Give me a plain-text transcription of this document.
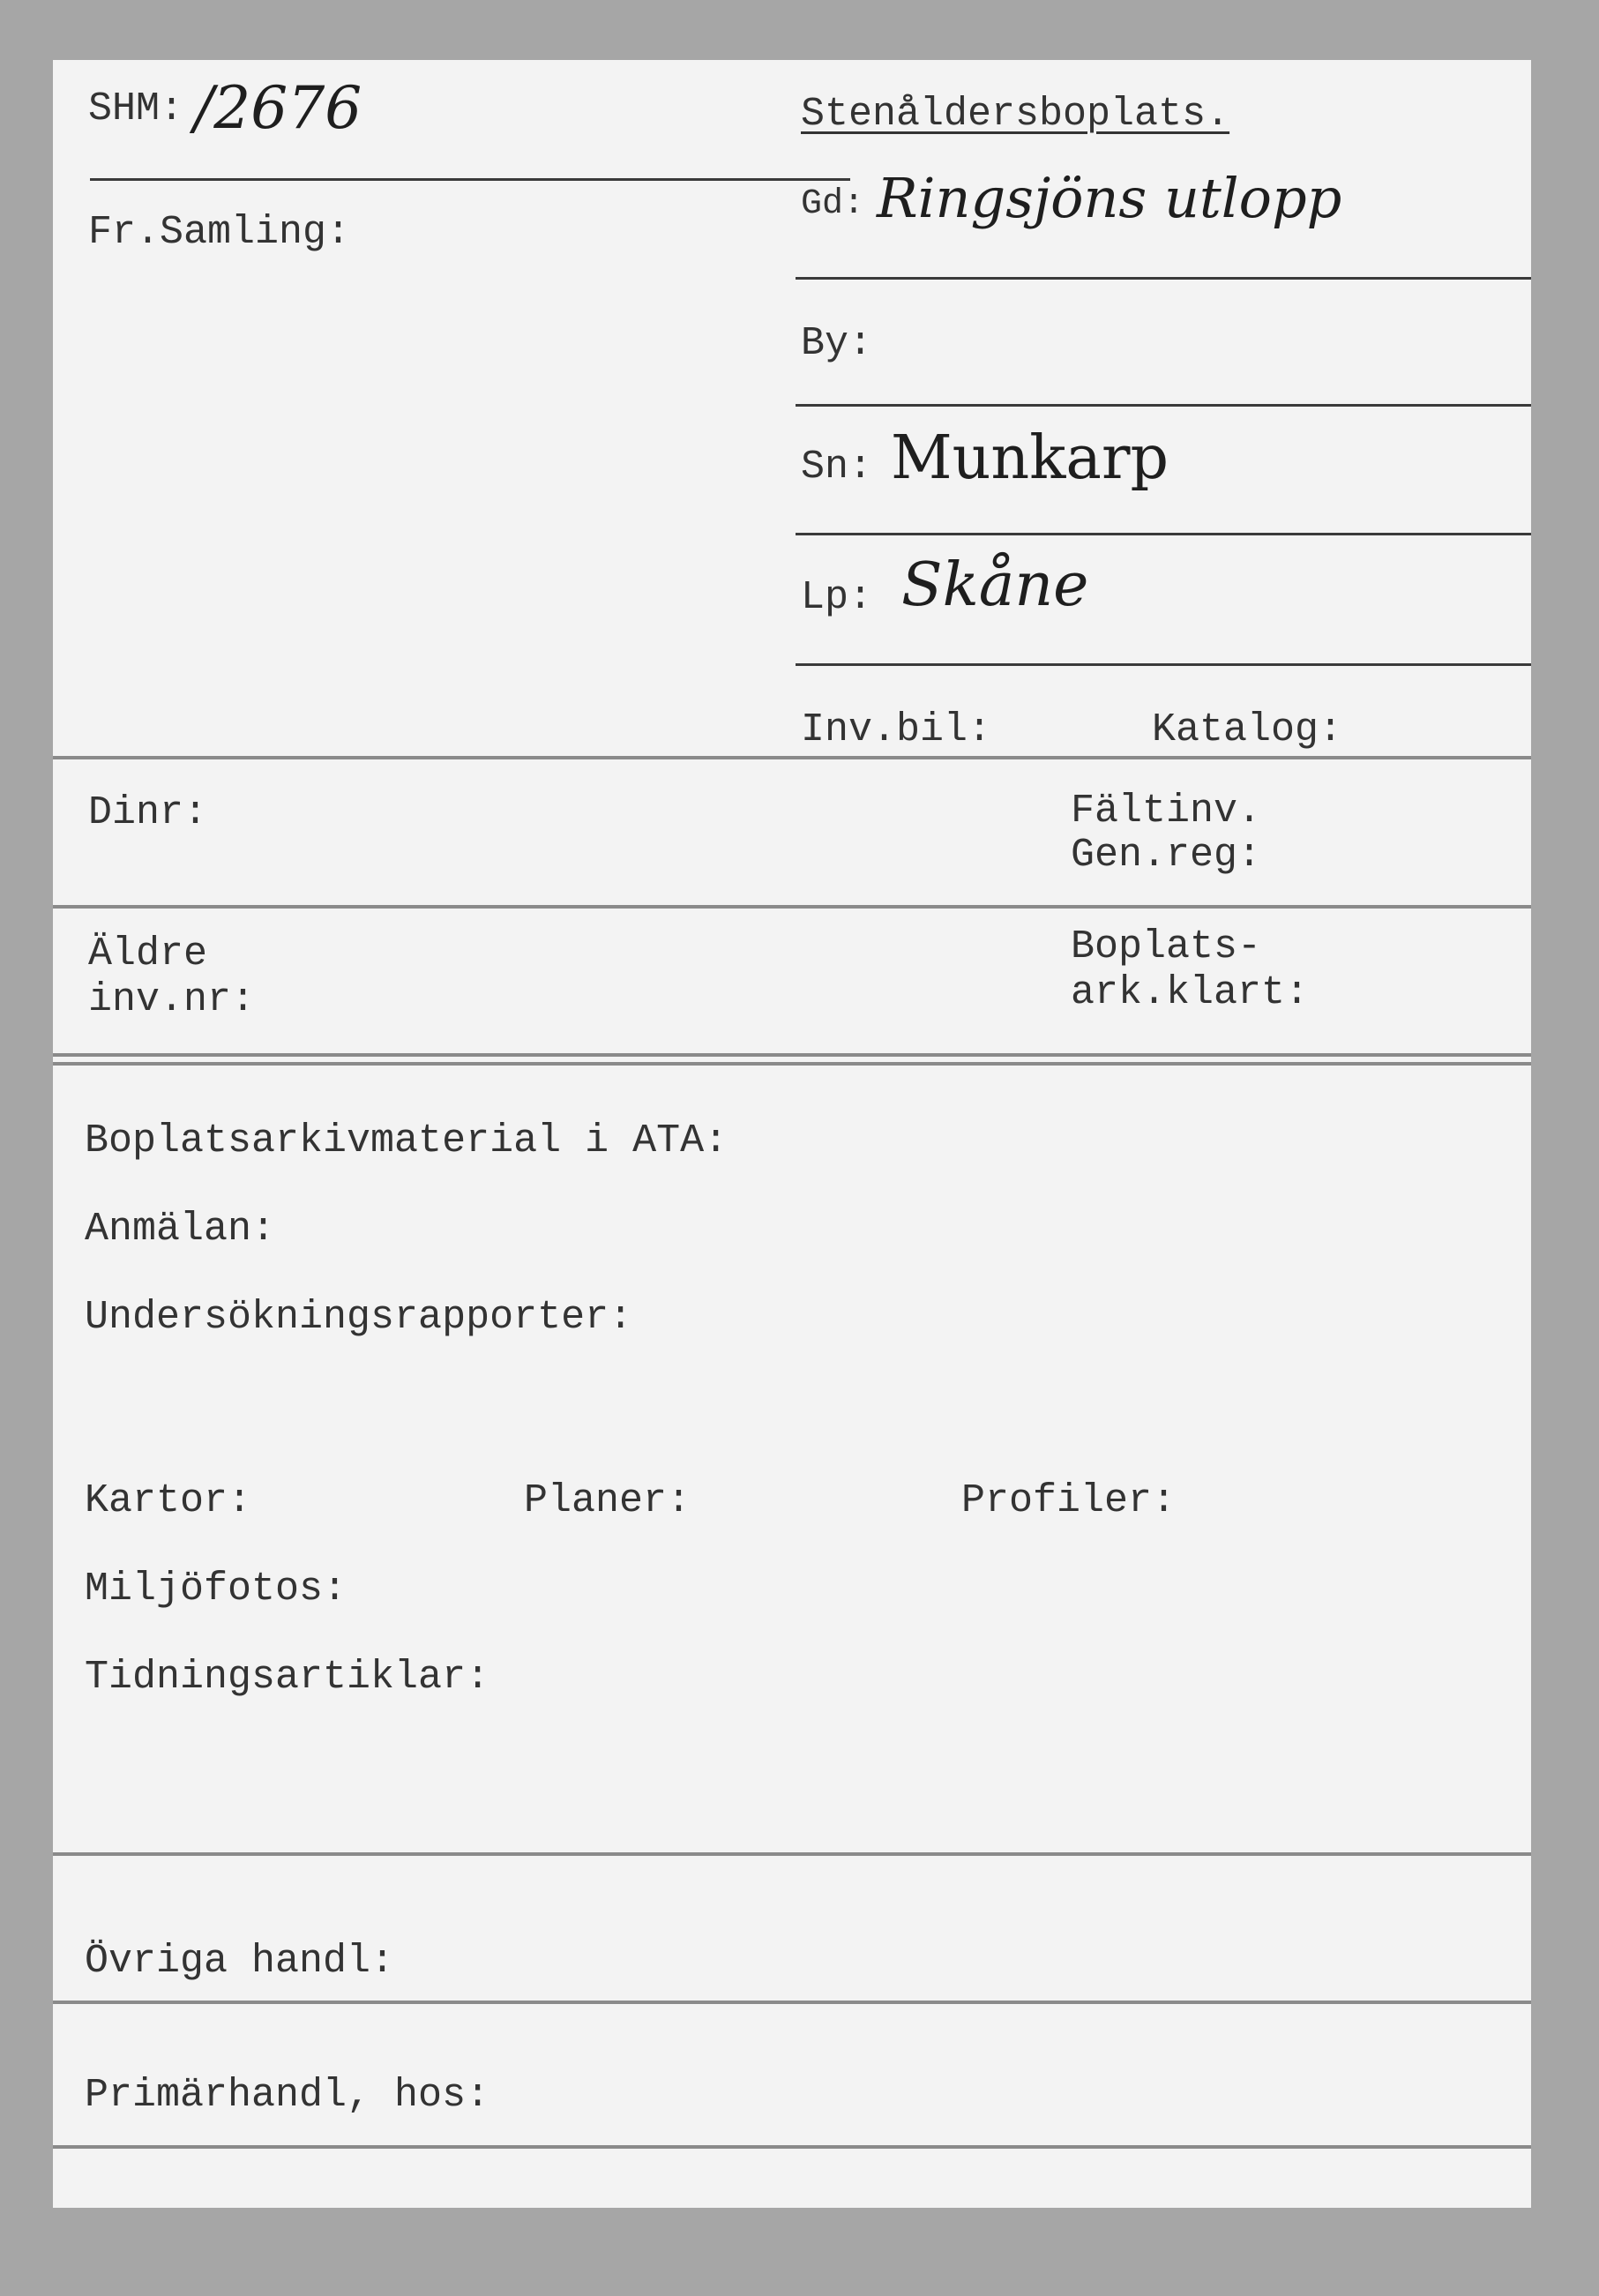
SHM: /2676	Stenåldersboplats.
Fr.Samling:
Gd: Ringsjöns utlopp
By:
Sn: Munkarp
Lp: Skåne
Inv.bil:	Katalog:
Dinr:	Fältinv.
Gen.reg:
Äldre
inv.nr:
Boplats-
ark.klart:
Boplatsarkivmaterial i ATA:
Anmälan:
Undersökningsrapporter:
Kartor:	Planer:	Profiler:
Miljöfotos:
Tidningsartiklar:
Övriga handl:
Primärhandl, hos:
